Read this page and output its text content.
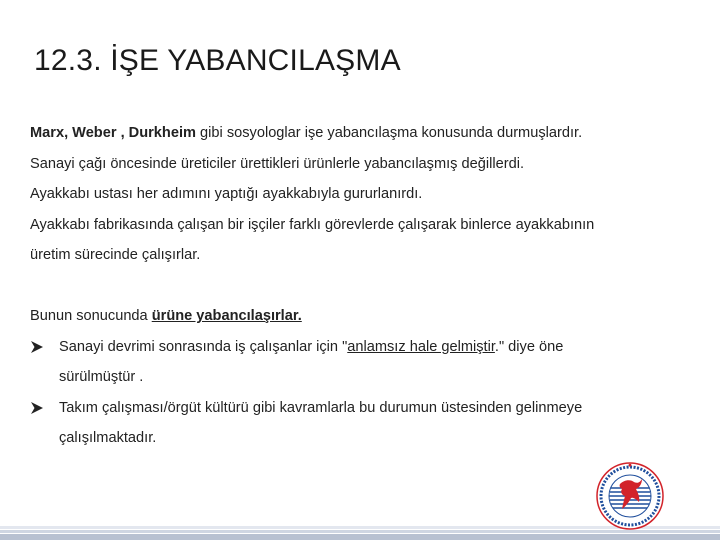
12.3. İŞE YABANCILAŞMA

Marx, Weber , Durkheim gibi sosyologlar işe yabancılaşma konusunda durmuşlardır.

Sanayi çağı öncesinde üreticiler ürettikleri ürünlerle yabancılaşmış değillerdi.

Ayakkabı ustası her adımını yaptığı ayakkabıyla gururlanırdı.

Ayakkabı fabrikasında çalışan bir işçiler farklı görevlerde çalışarak binlerce ayakkabının

üretim sürecinde çalışırlar.

Bunun sonucunda ürüne yabancılaşırlar.

Sanayi devrimi sonrasında iş çalışanlar için "anlamsız hale gelmiştir." diye öne

sürülmüştür .

Takım çalışması/örgüt kültürü gibi kavramlarla bu durumun üstesinden gelinmeye

çalışılmaktadır.
